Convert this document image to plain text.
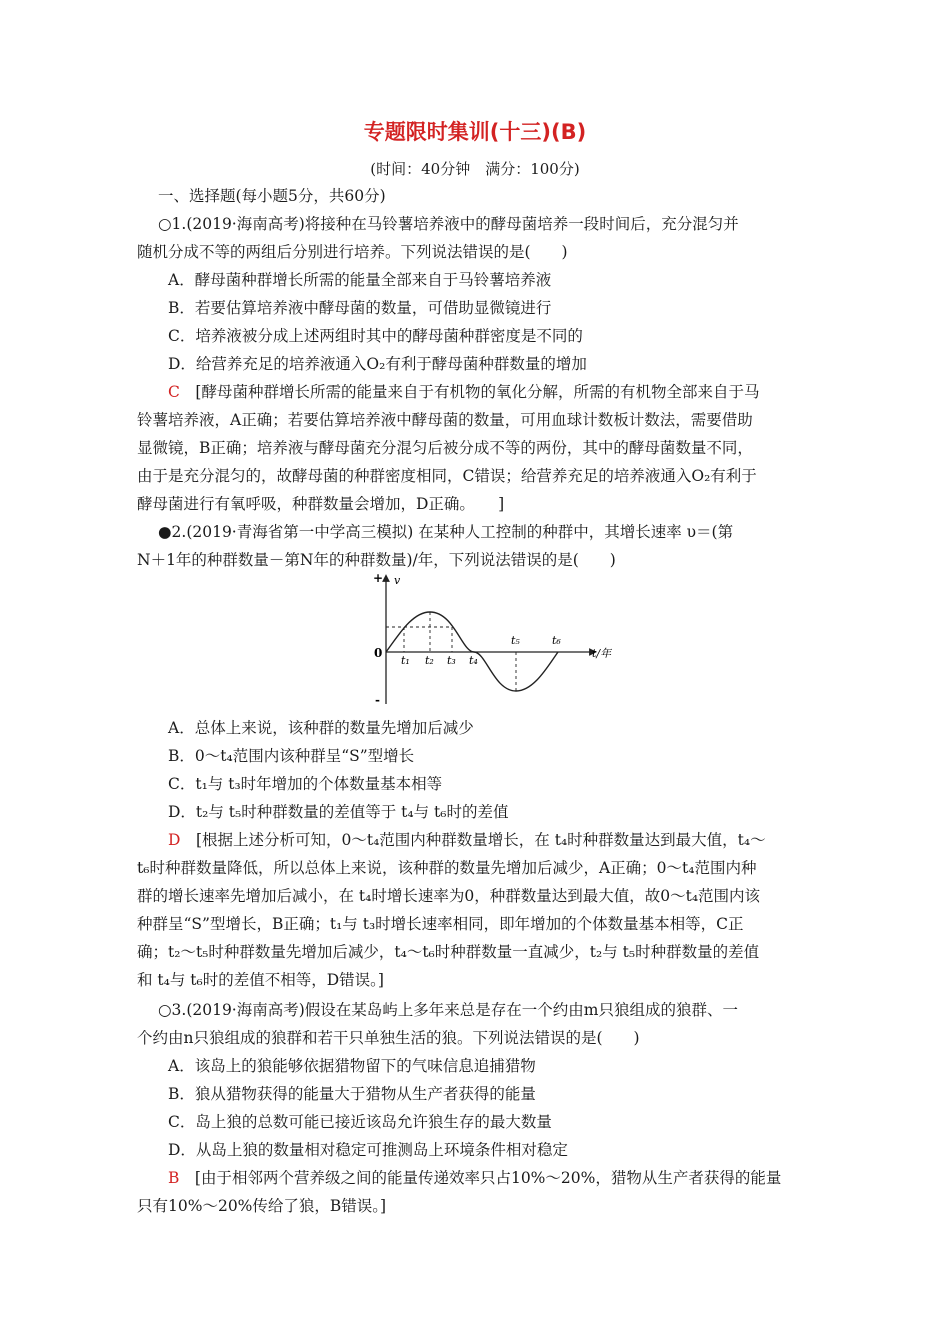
专题限时集训(十三)(B)
(时间：40分钟　满分：100分)
一、选择题(每小题5分，共60分)
○1.(2019·海南高考)将接种在马铃薯培养液中的酵母菌培养一段时间后，充分混匀并
随机分成不等的两组后分别进行培养。下列说法错误的是(　　)
A．酵母菌种群增长所需的能量全部来自于马铃薯培养液
B．若要估算培养液中酵母菌的数量，可借助显微镜进行
C．培养液被分成上述两组时其中的酵母菌种群密度是不同的
D．给营养充足的培养液通入O₂有利于酵母菌种群数量的增加
C　 [酵母菌种群增长所需的能量来自于有机物的氧化分解，所需的有机物全部来自于马
铃薯培养液，A正确；若要估算培养液中酵母菌的数量，可用血球计数板计数法，需要借助
显微镜，B正确；培养液与酵母菌充分混匀后被分成不等的两份，其中的酵母菌数量不同，
由于是充分混匀的，故酵母菌的种群密度相同，C错误；给营养充足的培养液通入O₂有利于
酵母菌进行有氧呼吸，种群数量会增加，D正确。　　]
●2.(2019·青海省第一中学高三模拟) 在某种人工控制的种群中，其增长速率 υ＝(第
N＋1年的种群数量－第N年的种群数量)/年，下列说法错误的是(　　)
v
+
0
-
t/年
t₁ t₂ t₃ t₄
t₅	t₆
A．总体上来说，该种群的数量先增加后减少
B．0～t₄范围内该种群呈“S”型增长
C．t₁与 t₃时年增加的个体数量基本相等
D．t₂与 t₅时种群数量的差值等于 t₄与 t₆时的差值
D　 [根据上述分析可知，0～t₄范围内种群数量增长，在 t₄时种群数量达到最大值，t₄～
t₆时种群数量降低，所以总体上来说，该种群的数量先增加后减少，A正确；0～t₄范围内种
群的增长速率先增加后减小，在 t₄时增长速率为0，种群数量达到最大值，故0～t₄范围内该
种群呈“S”型增长，B正确；t₁与 t₃时增长速率相同，即年增加的个体数量基本相等，C正
确；t₂～t₅时种群数量先增加后减少，t₄～t₆时种群数量一直减少，t₂与 t₅时种群数量的差值
和 t₄与 t₆时的差值不相等，D错误。]
○3.(2019·海南高考)假设在某岛屿上多年来总是存在一个约由m只狼组成的狼群、一
个约由n只狼组成的狼群和若干只单独生活的狼。下列说法错误的是(　　)
A．该岛上的狼能够依据猎物留下的气味信息追捕猎物
B．狼从猎物获得的能量大于猎物从生产者获得的能量
C．岛上狼的总数可能已接近该岛允许狼生存的最大数量
D．从岛上狼的数量相对稳定可推测岛上环境条件相对稳定
B　 [由于相邻两个营养级之间的能量传递效率只占10%～20%，猎物从生产者获得的能量
只有10%～20%传给了狼，B错误。]
